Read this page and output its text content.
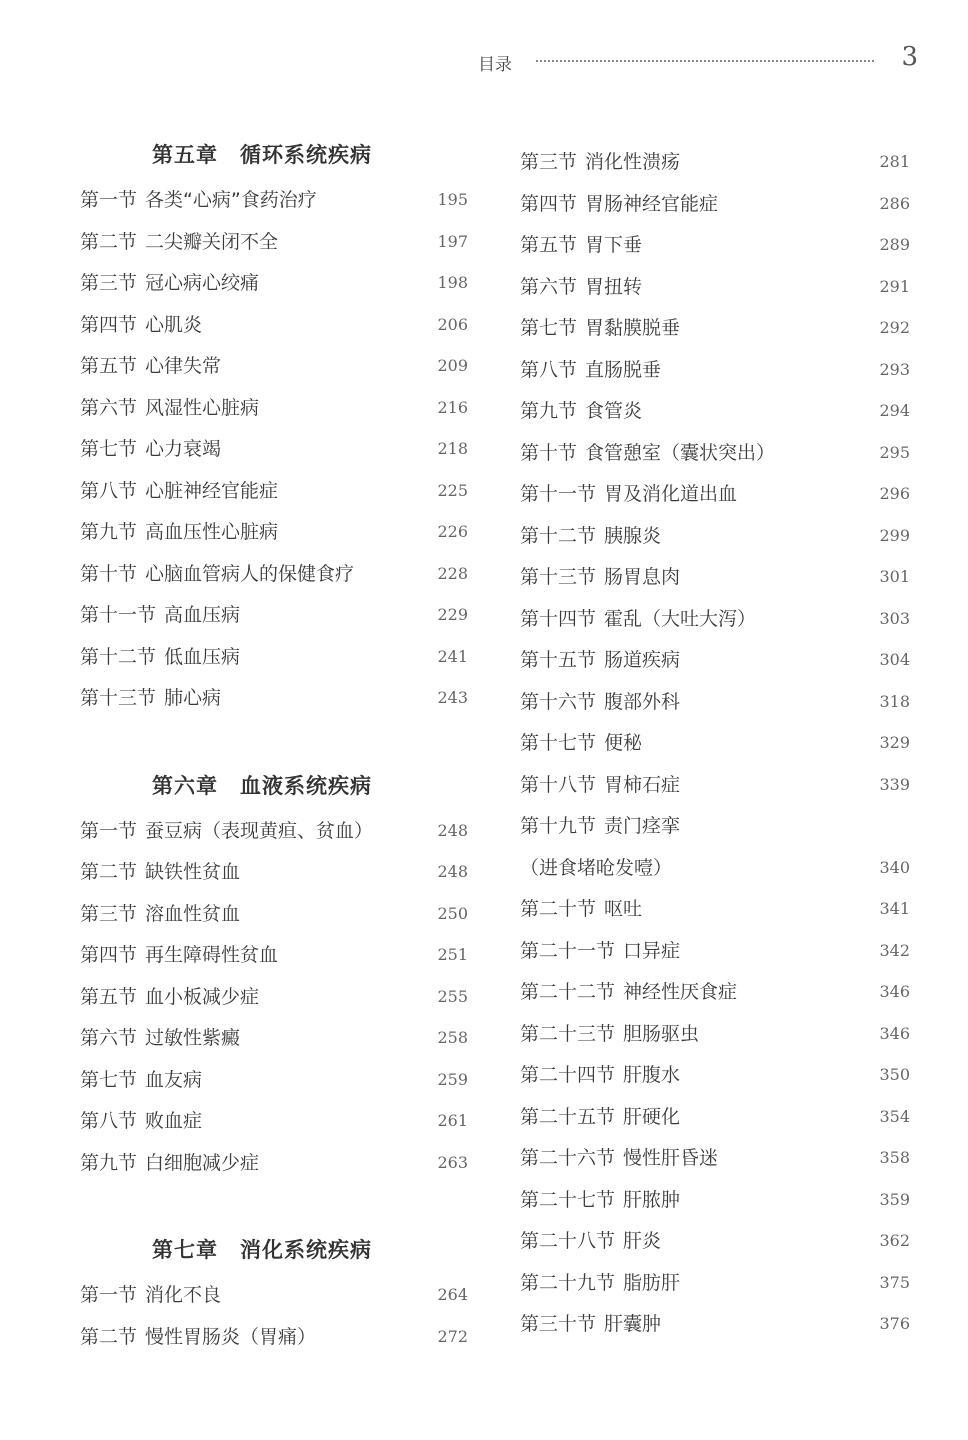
目录	3
第五章　循环系统疾病
第一节 各类“心病”食药治疗	195
第二节 二尖瓣关闭不全	197
第三节 冠心病心绞痛	198
第四节 心肌炎	206
第五节 心律失常	209
第六节 风湿性心脏病	216
第七节 心力衰竭	218
第八节 心脏神经官能症	225
第九节 高血压性心脏病	226
第十节 心脑血管病人的保健食疗	228
第十一节 高血压病	229
第十二节 低血压病	241
第十三节 肺心病	243
第六章　血液系统疾病
第一节 蚕豆病（表现黄疸、贫血）	248
第二节 缺铁性贫血	248
第三节 溶血性贫血	250
第四节 再生障碍性贫血	251
第五节 血小板减少症	255
第六节 过敏性紫癜	258
第七节 血友病	259
第八节 败血症	261
第九节 白细胞减少症	263
第七章　消化系统疾病
第一节 消化不良	264
第二节 慢性胃肠炎（胃痛）	272
第三节 消化性溃疡	281
第四节 胃肠神经官能症	286
第五节 胃下垂	289
第六节 胃扭转	291
第七节 胃黏膜脱垂	292
第八节 直肠脱垂	293
第九节 食管炎	294
第十节 食管憩室（囊状突出）	295
第十一节 胃及消化道出血	296
第十二节 胰腺炎	299
第十三节 肠胃息肉	301
第十四节 霍乱（大吐大泻）	303
第十五节 肠道疾病	304
第十六节 腹部外科	318
第十七节 便秘	329
第十八节 胃柿石症	339
第十九节 责门痉挛
（进食堵呛发噎）	340
第二十节 呕吐	341
第二十一节 口异症	342
第二十二节 神经性厌食症	346
第二十三节 胆肠驱虫	346
第二十四节 肝腹水	350
第二十五节 肝硬化	354
第二十六节 慢性肝昏迷	358
第二十七节 肝脓肿	359
第二十八节 肝炎	362
第二十九节 脂肪肝	375
第三十节 肝囊肿	376
